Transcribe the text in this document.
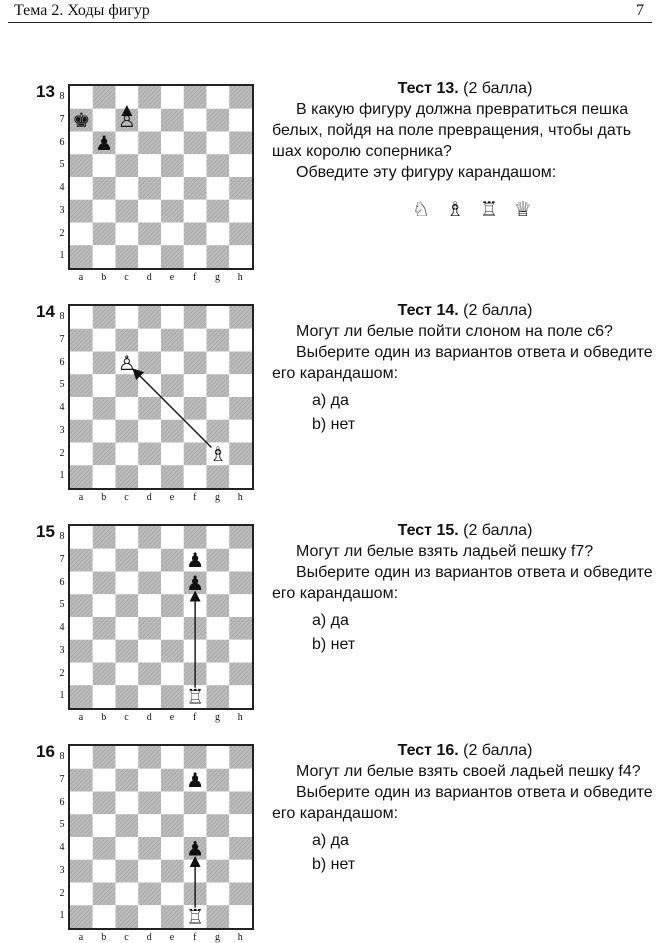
Тема 2. Ходы фигур	7
13 8
7
6
5
4
3
2
1
a	b	c	d	e	f	g	h
♚
♟
♙
14 8
7
6
5
4
3
2
1
a	b	c	d	e	f	g	h
♙
♗
15 8
7
6
5
4
3
2
1
a	b	c	d	e	f	g	h
♟
♟
♖
16 8
7
6
5
4
3
2
1
a	b	c	d	e	f	g	h
♟
♟
♖

Тест 13. (2 балла)

В какую фигуру должна превратиться пешка белых, пойдя на поле превращения, чтобы дать шах королю соперника?

Обведите эту фигуру карандашом:

♘ ♗ ♖ ♕

Тест 14. (2 балла)

Могут ли белые пойти слоном на поле c6?

Выберите один из вариантов ответа и обведите его карандашом:

a) да

b) нет

Тест 15. (2 балла)

Могут ли белые взять ладьей пешку f7?

Выберите один из вариантов ответа и обведите его карандашом:

a) да

b) нет

Тест 16. (2 балла)

Могут ли белые взять своей ладьей пешку f4?

Выберите один из вариантов ответа и обведите его карандашом:

a) да

b) нет
